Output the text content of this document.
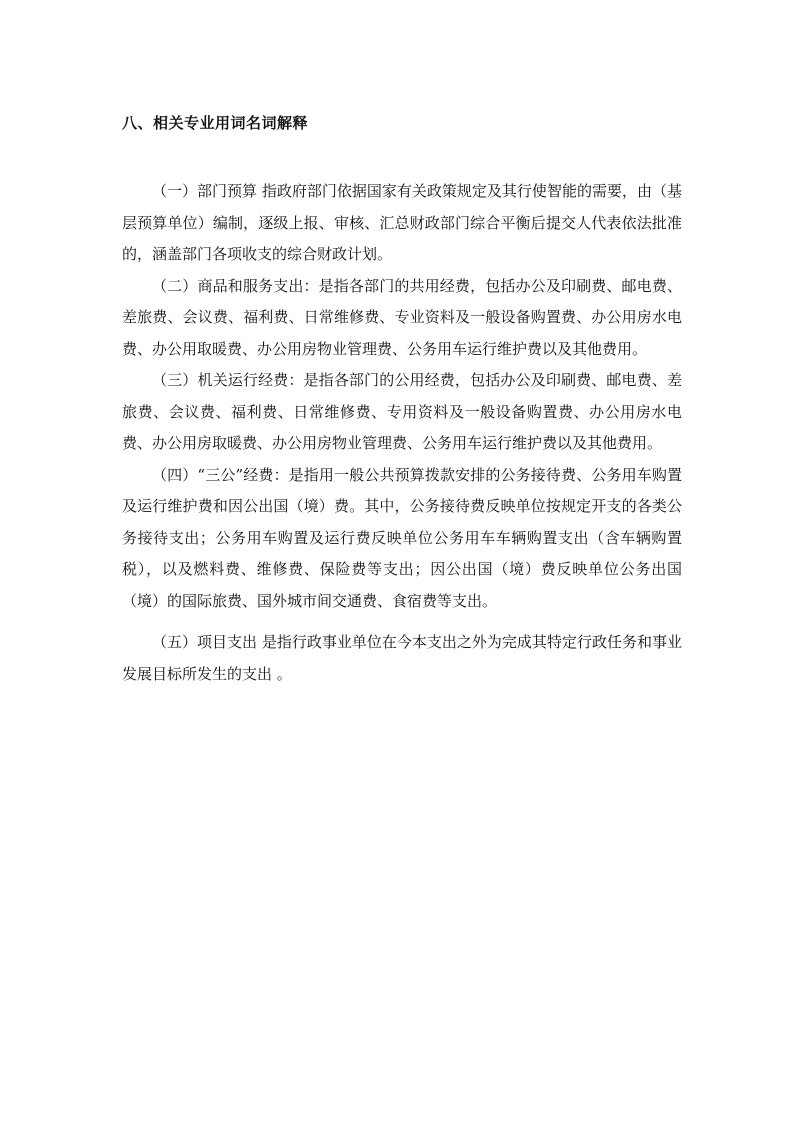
八、相关专业用词名词解释

（一）部门预算 指政府部门依据国家有关政策规定及其行使智能的需要，由（基层预算单位）编制，逐级上报、审核、汇总财政部门综合平衡后提交人代表依法批准的，涵盖部门各项收支的综合财政计划。

（二）商品和服务支出：是指各部门的共用经费，包括办公及印刷费、邮电费、差旅费、会议费、福利费、日常维修费、专业资料及一般设备购置费、办公用房水电费、办公用取暖费、办公用房物业管理费、公务用车运行维护费以及其他费用。

（三）机关运行经费：是指各部门的公用经费，包括办公及印刷费、邮电费、差旅费、会议费、福利费、日常维修费、专用资料及一般设备购置费、办公用房水电费、办公用房取暖费、办公用房物业管理费、公务用车运行维护费以及其他费用。

（四）“三公”经费：是指用一般公共预算拨款安排的公务接待费、公务用车购置及运行维护费和因公出国（境）费。其中，公务接待费反映单位按规定开支的各类公务接待支出；公务用车购置及运行费反映单位公务用车车辆购置支出（含车辆购置税），以及燃料费、维修费、保险费等支出；因公出国（境）费反映单位公务出国（境）的国际旅费、国外城市间交通费、食宿费等支出。

（五）项目支出 是指行政事业单位在今本支出之外为完成其特定行政任务和事业发展目标所发生的支出 。
